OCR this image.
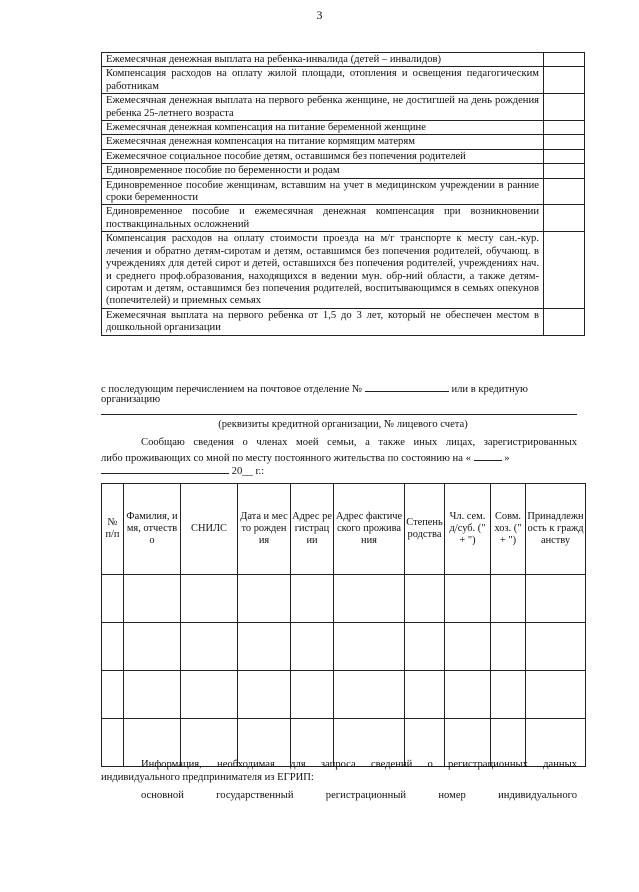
3
Ежемесячная денежная выплата на ребенка-инвалида (детей – инвалидов)	
Компенсация расходов на оплату жилой площади, отопления и освещения педагогическим работникам	
Ежемесячная денежная выплата на первого ребенка женщине, не достигшей на день рождения ребенка 25-летнего возраста	
Ежемесячная денежная компенсация на питание беременной женщине	
Ежемесячная денежная компенсация на питание кормящим матерям	
Ежемесячное социальное пособие детям, оставшимся без попечения родителей	
Единовременное пособие по беременности и родам	
Единовременное пособие женщинам, вставшим на учет в медицинском учреждении в ранние сроки беременности	
Единовременное пособие и ежемесячная денежная компенсация при возникновении поствакцинальных осложнений	
Компенсация расходов на оплату стоимости проезда на м/г транспорте к месту сан.-кур. лечения и обратно детям-сиротам и детям, оставшимся без попечения родителей, обучающ. в учреждениях для детей сирот и детей, оставшихся без попечения родителей, учреждениях нач. и среднего проф.образования, находящихся в ведении мун. обр-ний области, а также детям-сиротам и детям, оставшимся без попечения родителей, воспитывающимся в семьях опекунов (попечителей) и приемных семьях	
Ежемесячная выплата на первого ребенка от 1,5 до 3 лет, который не обеспечен местом в дошкольной организации	
с последующим перечислением на почтовое отделение №	или в кредитную
организацию
(реквизиты кредитной организации, № лицевого счета)
Сообщаю сведения о членах моей семьи, а также иных лицах, зарегистрированных
либо проживающих со мной по месту постоянного жительства по состоянию на «	»
20__ г.:
№ п/п	Фамилия, имя, отчество	СНИЛС	Дата и место рождения	Адрес регистрации	Адрес фактического проживания	Степень родства	Чл. сем. д/суб. (" + ")	Совм. хоз. (" + ")	Принадлежность к гражданству

Информация, необходимая для запроса сведений о регистрационных данных
индивидуального предпринимателя из ЕГРИП:
основной государственный регистрационный номер индивидуального
